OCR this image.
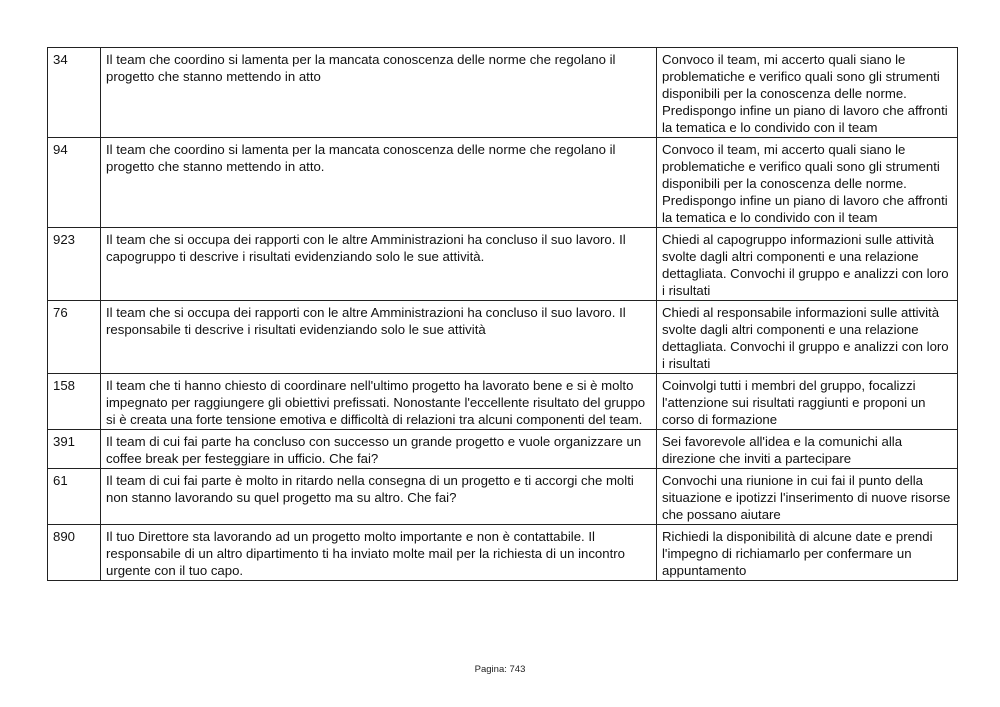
34	Il team che coordino si lamenta per la mancata conoscenza delle norme che regolano il progetto che stanno mettendo in atto	Convoco il team, mi accerto quali siano le problematiche e verifico quali sono gli strumenti disponibili per la conoscenza delle norme. Predispongo infine un piano di lavoro che affronti la tematica e lo condivido con il team
94	Il team che coordino si lamenta per la mancata conoscenza delle norme che regolano il progetto che stanno mettendo in atto.	Convoco il team, mi accerto quali siano le problematiche e verifico quali sono gli strumenti disponibili per la conoscenza delle norme. Predispongo infine un piano di lavoro che affronti la tematica e lo condivido con il team
923	Il team che si occupa dei rapporti con le altre Amministrazioni ha concluso il suo lavoro. Il capogruppo ti descrive i risultati evidenziando solo le sue attività.	Chiedi al capogruppo informazioni sulle attività svolte dagli altri componenti e una relazione dettagliata. Convochi il gruppo e analizzi con loro i risultati
76	Il team che si occupa dei rapporti con le altre Amministrazioni ha concluso il suo lavoro. Il responsabile ti descrive i risultati evidenziando solo le sue attività	Chiedi al responsabile informazioni sulle attività svolte dagli altri componenti e una relazione dettagliata. Convochi il gruppo e analizzi con loro i risultati
158	Il team che ti hanno chiesto di coordinare nell'ultimo progetto ha lavorato bene e si è molto impegnato per raggiungere gli obiettivi prefissati. Nonostante l'eccellente risultato del gruppo si è creata una forte tensione emotiva e difficoltà di relazioni tra alcuni componenti del team.	Coinvolgi tutti i membri del gruppo, focalizzi l'attenzione sui risultati raggiunti e proponi un corso di formazione
391	Il team di cui fai parte ha concluso con successo un grande progetto e vuole organizzare un coffee break per festeggiare in ufficio. Che fai?	Sei favorevole all'idea e la comunichi alla direzione che inviti a partecipare
61	Il team di cui fai parte è molto in ritardo nella consegna di un progetto e ti accorgi che molti non stanno lavorando su quel progetto ma su altro. Che fai?	Convochi una riunione in cui fai il punto della situazione e ipotizzi l'inserimento di nuove risorse che possano aiutare
890	Il tuo Direttore sta lavorando ad un progetto molto importante e non è contattabile. Il responsabile di un altro dipartimento ti ha inviato molte mail per la richiesta di un incontro urgente con il tuo capo.	Richiedi la disponibilità di alcune date e prendi l'impegno di richiamarlo per confermare un appuntamento
Pagina: 743
